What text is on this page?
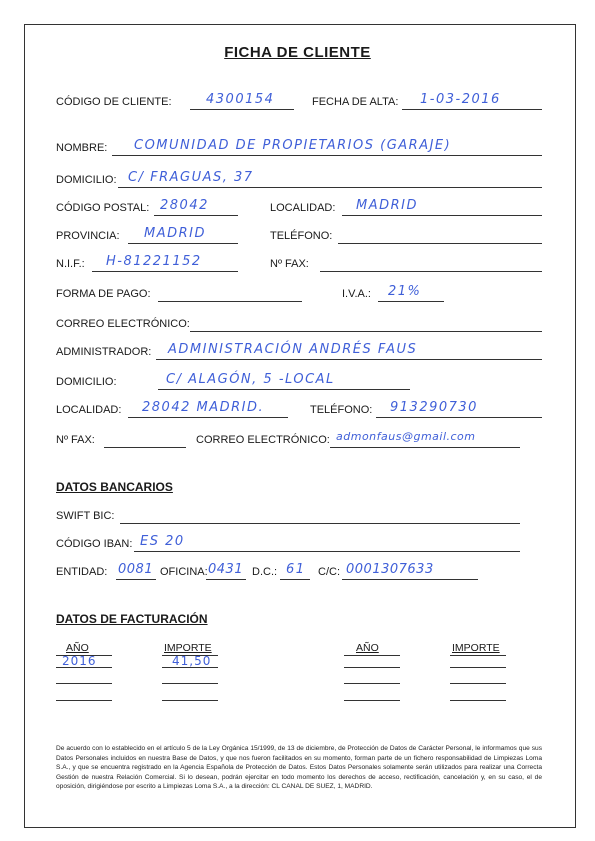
FICHA DE CLIENTE
CÓDIGO DE CLIENTE:	4300154	FECHA DE ALTA: 1-03-2016
NOMBRE: COMUNIDAD DE PROPIETARIOS (GARAJE)
DOMICILIO: C/ FRAGUAS, 37
CÓDIGO POSTAL: 28042	LOCALIDAD: MADRID
PROVINCIA: MADRID	TELÉFONO:
N.I.F.: H-81221152	Nº FAX:
FORMA DE PAGO:	I.V.A.: 21%
CORREO ELECTRÓNICO:
ADMINISTRADOR: ADMINISTRACIÓN ANDRÉS FAUS
DOMICILIO:	C/ ALAGÓN, 5 -LOCAL
LOCALIDAD: 28042 MADRID.	TELÉFONO: 913290730
Nº FAX:	CORREO ELECTRÓNICO: admonfaus@gmail.com
DATOS BANCARIOS
SWIFT BIC:
CÓDIGO IBAN: ES 20
ENTIDAD: 0081 OFICINA: 0431 D.C.: 61 C/C: 0001307633
DATOS DE FACTURACIÓN
AÑO	IMPORTE	AÑO	IMPORTE
2016	41,50
De acuerdo con lo establecido en el artículo 5 de la Ley Orgánica 15/1999, de 13 de diciembre, de Protección de Datos de Carácter Personal, le informamos que sus Datos Personales incluidos en nuestra Base de Datos, y que nos fueron facilitados en su momento, forman parte de un fichero responsabilidad de Limpiezas Loma S.A., y que se encuentra registrado en la Agencia Española de Protección de Datos. Estos Datos Personales solamente serán utilizados para realizar una Correcta Gestión de nuestra Relación Comercial. Si lo desean, podrán ejercitar en todo momento los derechos de acceso, rectificación, cancelación y, en su caso, el de oposición, dirigiéndose por escrito a Limpiezas Loma S.A., a la dirección: CL CANAL DE SUEZ, 1, MADRID.
